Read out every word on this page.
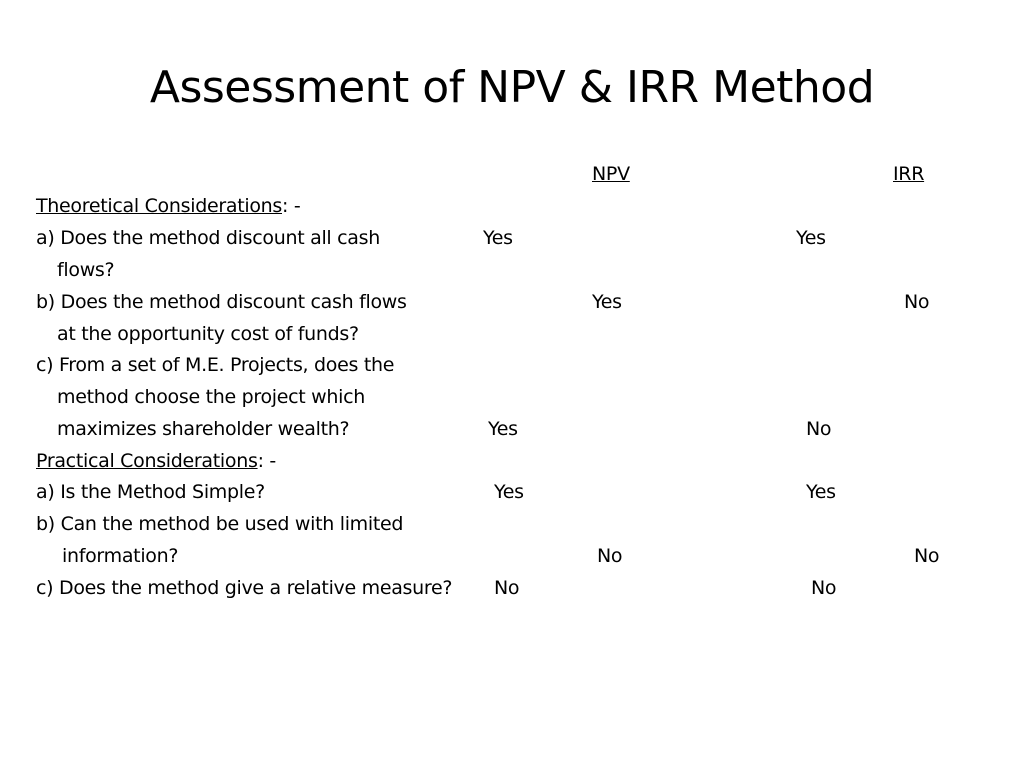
Assessment of NPV & IRR Method
NPV	IRR
Theoretical Considerations: -
a) Does the method discount all cash	Yes	Yes
flows?
b) Does the method discount cash flows	Yes	No
at the opportunity cost of funds?
c) From a set of M.E. Projects, does the
method choose the project which
maximizes shareholder wealth?	Yes	No
Practical Considerations: -
a) Is the Method Simple?	Yes	Yes
b) Can the method be used with limited
information?	No	No
c) Does the method give a relative measure? No	No
